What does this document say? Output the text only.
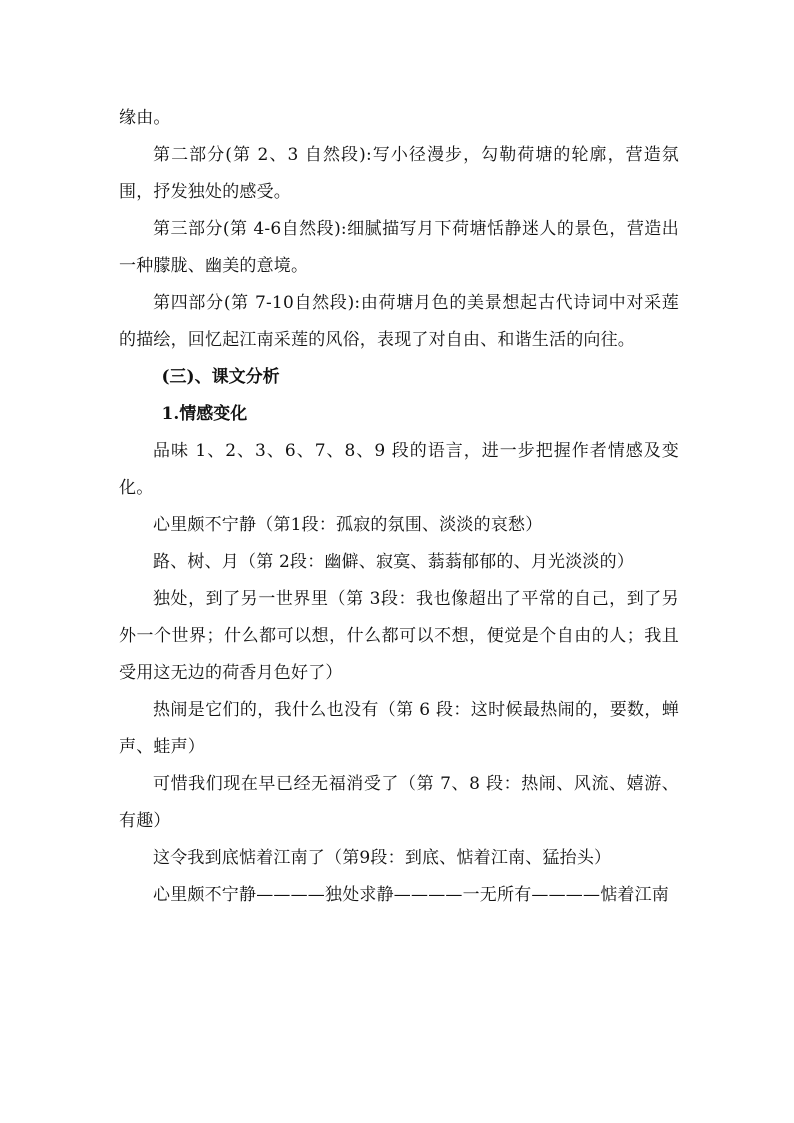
缘由。

第二部分(第 2、3 自然段):写小径漫步，勾勒荷塘的轮廓，营造氛围，抒发独处的感受。

第三部分(第 4-6自然段):细腻描写月下荷塘恬静迷人的景色，营造出一种朦胧、幽美的意境。

第四部分(第 7-10自然段):由荷塘月色的美景想起古代诗词中对采莲的描绘，回忆起江南采莲的风俗，表现了对自由、和谐生活的向往。

(三)、课文分析

1.情感变化

品味 1、2、3、6、7、8、9 段的语言，进一步把握作者情感及变化。

心里颇不宁静（第1段：孤寂的氛围、淡淡的哀愁）

路、树、月（第 2段：幽僻、寂寞、蓊蓊郁郁的、月光淡淡的）

独处，到了另一世界里（第 3段：我也像超出了平常的自己，到了另外一个世界；什么都可以想，什么都可以不想，便觉是个自由的人；我且受用这无边的荷香月色好了）

热闹是它们的，我什么也没有（第 6 段：这时候最热闹的，要数，蝉声、蛙声）

可惜我们现在早已经无福消受了（第 7、8 段：热闹、风流、嬉游、有趣）

这令我到底惦着江南了（第9段：到底、惦着江南、猛抬头）

心里颇不宁静————独处求静————一无所有————惦着江南
